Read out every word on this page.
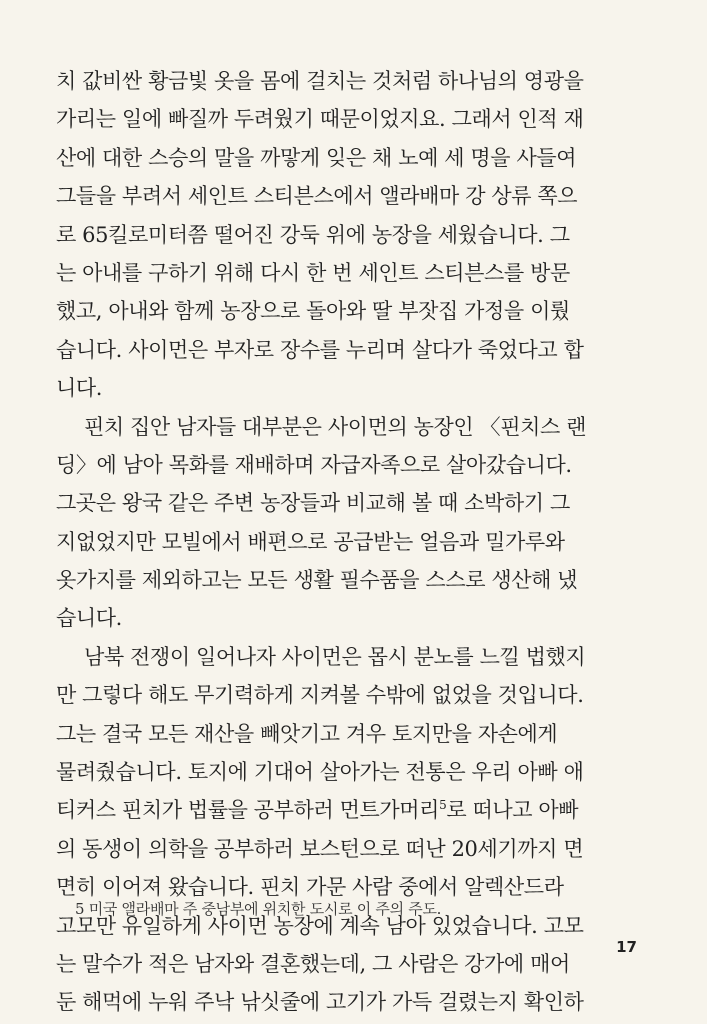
치 값비싼 황금빛 옷을 몸에 걸치는 것처럼 하나님의 영광을
가리는 일에 빠질까 두려웠기 때문이었지요. 그래서 인적 재
산에 대한 스승의 말을 까맣게 잊은 채 노예 세 명을 사들여
그들을 부려서 세인트 스티븐스에서 앨라배마 강 상류 쪽으
로 65킬로미터쯤 떨어진 강둑 위에 농장을 세웠습니다. 그
는 아내를 구하기 위해 다시 한 번 세인트 스티븐스를 방문
했고, 아내와 함께 농장으로 돌아와 딸 부잣집 가정을 이뤘
습니다. 사이먼은 부자로 장수를 누리며 살다가 죽었다고 합
니다.
핀치 집안 남자들 대부분은 사이먼의 농장인 〈핀치스 랜
딩〉에 남아 목화를 재배하며 자급자족으로 살아갔습니다.
그곳은 왕국 같은 주변 농장들과 비교해 볼 때 소박하기 그
지없었지만 모빌에서 배편으로 공급받는 얼음과 밀가루와
옷가지를 제외하고는 모든 생활 필수품을 스스로 생산해 냈
습니다.
남북 전쟁이 일어나자 사이먼은 몹시 분노를 느낄 법했지
만 그렇다 해도 무기력하게 지켜볼 수밖에 없었을 것입니다.
그는 결국 모든 재산을 빼앗기고 겨우 토지만을 자손에게
물려줬습니다. 토지에 기대어 살아가는 전통은 우리 아빠 애
티커스 핀치가 법률을 공부하러 먼트가머리$^5$로 떠나고 아빠
의 동생이 의학을 공부하러 보스턴으로 떠난 20세기까지 면
면히 이어져 왔습니다. 핀치 가문 사람 중에서 알렉산드라
고모만 유일하게 사이먼 농장에 계속 남아 있었습니다. 고모
는 말수가 적은 남자와 결혼했는데, 그 사람은 강가에 매어
둔 해먹에 누워 주낙 낚싯줄에 고기가 가득 걸렸는지 확인하
5 미국 앨라배마 주 중남부에 위치한 도시로 이 주의 주도.
17
